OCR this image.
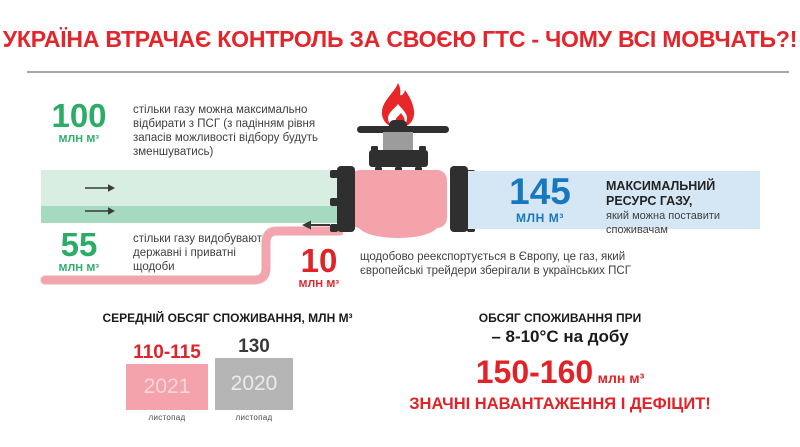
УКРАЇНА ВТРАЧАЄ КОНТРОЛЬ ЗА СВОЄЮ ГТС - ЧОМУ ВСІ МОВЧАТЬ?!
100
МЛН М³

стільки газу можна максимально відбирати з ПСГ (з падінням рівня запасів можливості відбору будуть зменшуватись)

55
МЛН М³

стільки газу видобувають державні і приватні щодоби

145
МЛН М³

МАКСИМАЛЬНИЙ РЕСУРС ГАЗУ,

який можна поставити споживачам

10
МЛН М³

щодобово реекспортується в Європу, це газ, який європейські трейдери зберігали в українських ПСГ

СЕРЕДНІЙ ОБСЯГ СПОЖИВАННЯ, МЛН М³
110-115
2021
листопад
130
2020
листопад
ОБСЯГ СПОЖИВАННЯ ПРИ
– 8-10°С на добу
150-160 млн м³
ЗНАЧНІ НАВАНТАЖЕННЯ І ДЕФІЦИТ!
